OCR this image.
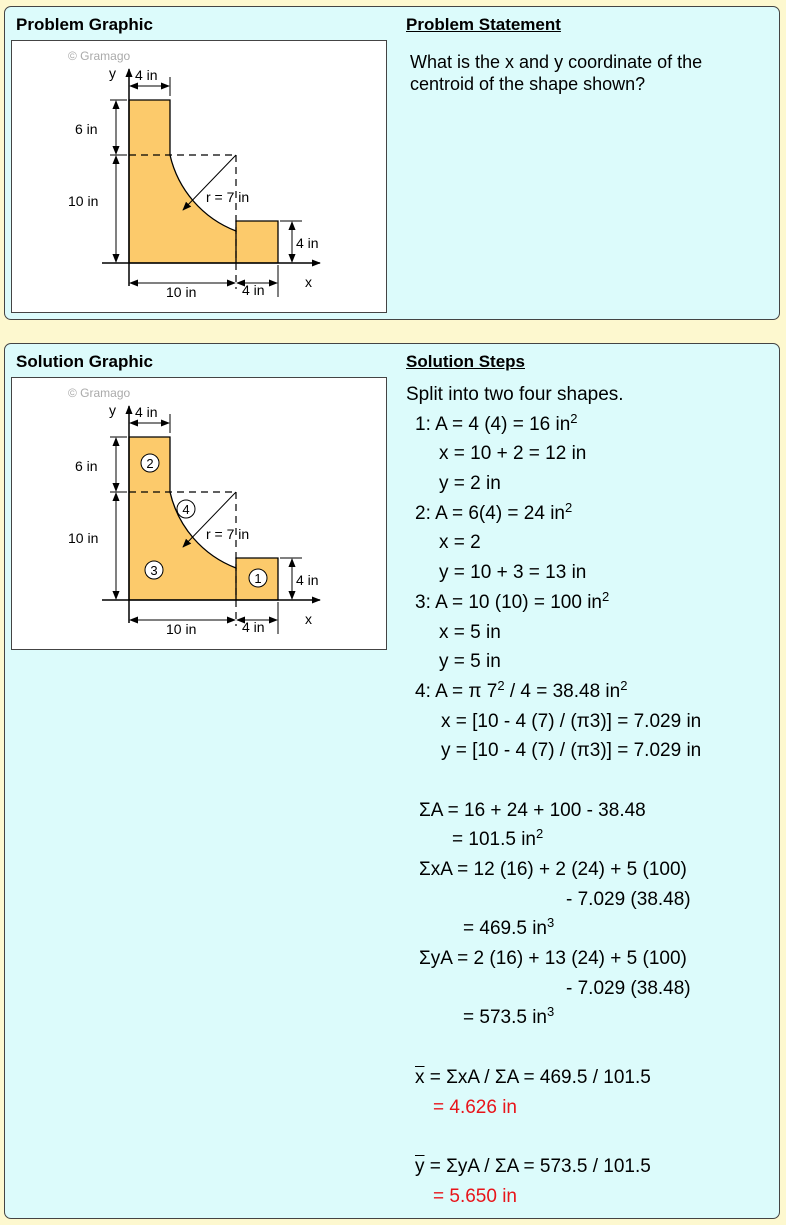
Problem Graphic
© Gramago
y
x
4 in
6 in
10 in	r = 7 in
4 in
10 in	4 in
Problem Statement
What is the x and y coordinate of the centroid of the shape shown?
Solution Graphic
© Gramago
y
x
4 in
6 in
10 in	r = 7 in
4 in
10 in	4 in
2
4
3
1
Solution Steps
Split into two four shapes.
1: A = 4 (4) = 16 $in^2$
x = 10 + 2 = 12 in
y = 2 in
2: A = 6(4) = 24 $in^2$
x = 2
y = 10 + 3 = 13 in
3: A = 10 (10) = 100 $in^2$
x = 5 in
y = 5 in
4: A = π $7^2 / 4 = 38.48$ $in^2$
x = [10 - 4 (7) / (π3)] = 7.029 in
y = [10 - 4 (7) / (π3)] = 7.029 in
ΣA = 16 + 24 + 100 - 38.48
= 101.5 $in^2$
ΣxA = 12 (16) + 2 (24) + 5 (100)
- 7.029 (38.48)
= 469.5 $in^3$
ΣyA = 2 (16) + 13 (24) + 5 (100)
- 7.029 (38.48)
= 573.5 $in^3$
$\overline{x} = \Sigma xA / \Sigma A = 469.5 / 101.5$
= 4.626 in
$\overline{y} = \Sigma yA / \Sigma A = 573.5 / 101.5$
= 5.650 in
